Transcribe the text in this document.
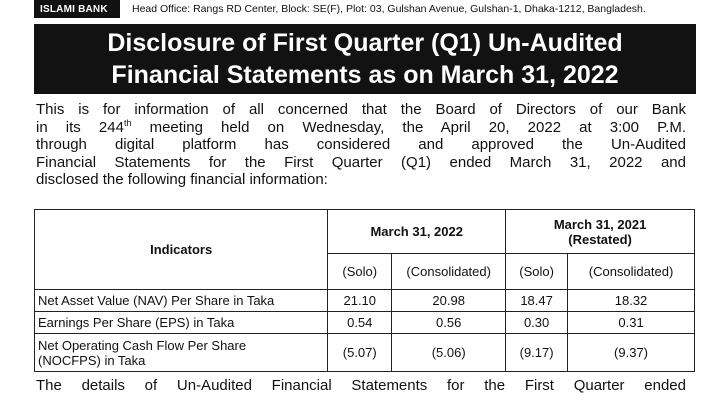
ISLAMI BANK Head Office: Rangs RD Center, Block: SE(F), Plot: 03, Gulshan Avenue, Gulshan-1, Dhaka-1212, Bangladesh.
Disclosure of First Quarter (Q1) Un-Audited
Financial Statements as on March 31, 2022
This is for information of all concerned that the Board of Directors of our Bank
in its 244th meeting held on Wednesday, the April 20, 2022 at 3:00 P.M.
through digital platform has considered and approved the Un-Audited
Financial Statements for the First Quarter (Q1) ended March 31, 2022 and
disclosed the following financial information:
Indicators	March 31, 2022		March 31, 2021
(Restated)	

	(Solo)	(Consolidated)	(Solo)	(Consolidated)
Net Asset Value (NAV) Per Share in Taka	21.10	20.98	18.47	18.32
Earnings Per Share (EPS) in Taka	0.54	0.56	0.30	0.31

Net Operating Cash Flow Per Share
(NOCFPS) in Taka	(5.07)	(5.06)	(9.17)	(9.37)
The details of Un-Audited Financial Statements for the First Quarter ended
